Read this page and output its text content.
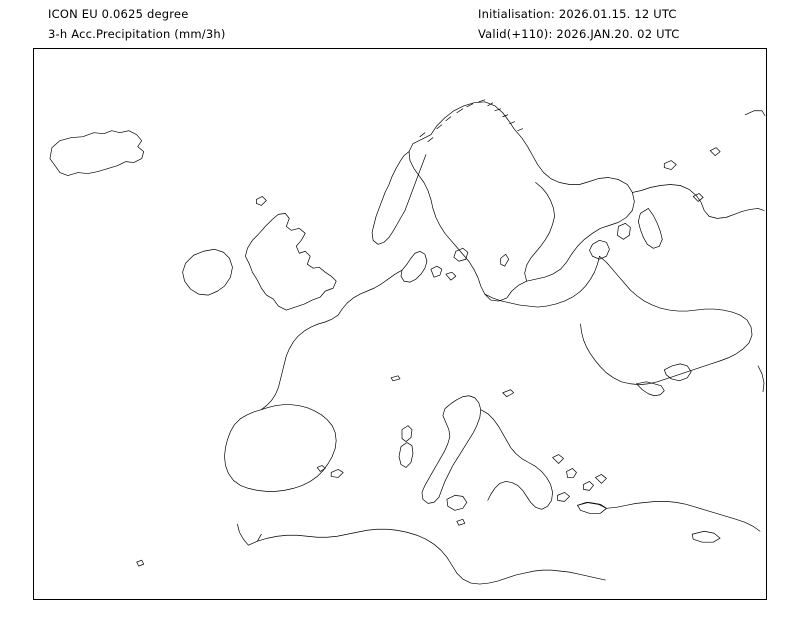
ICON EU 0.0625 degree
3-h Acc.Precipitation (mm/3h)
Initialisation: 2026.01.15. 12 UTC
Valid(+110): 2026.JAN.20. 02 UTC
